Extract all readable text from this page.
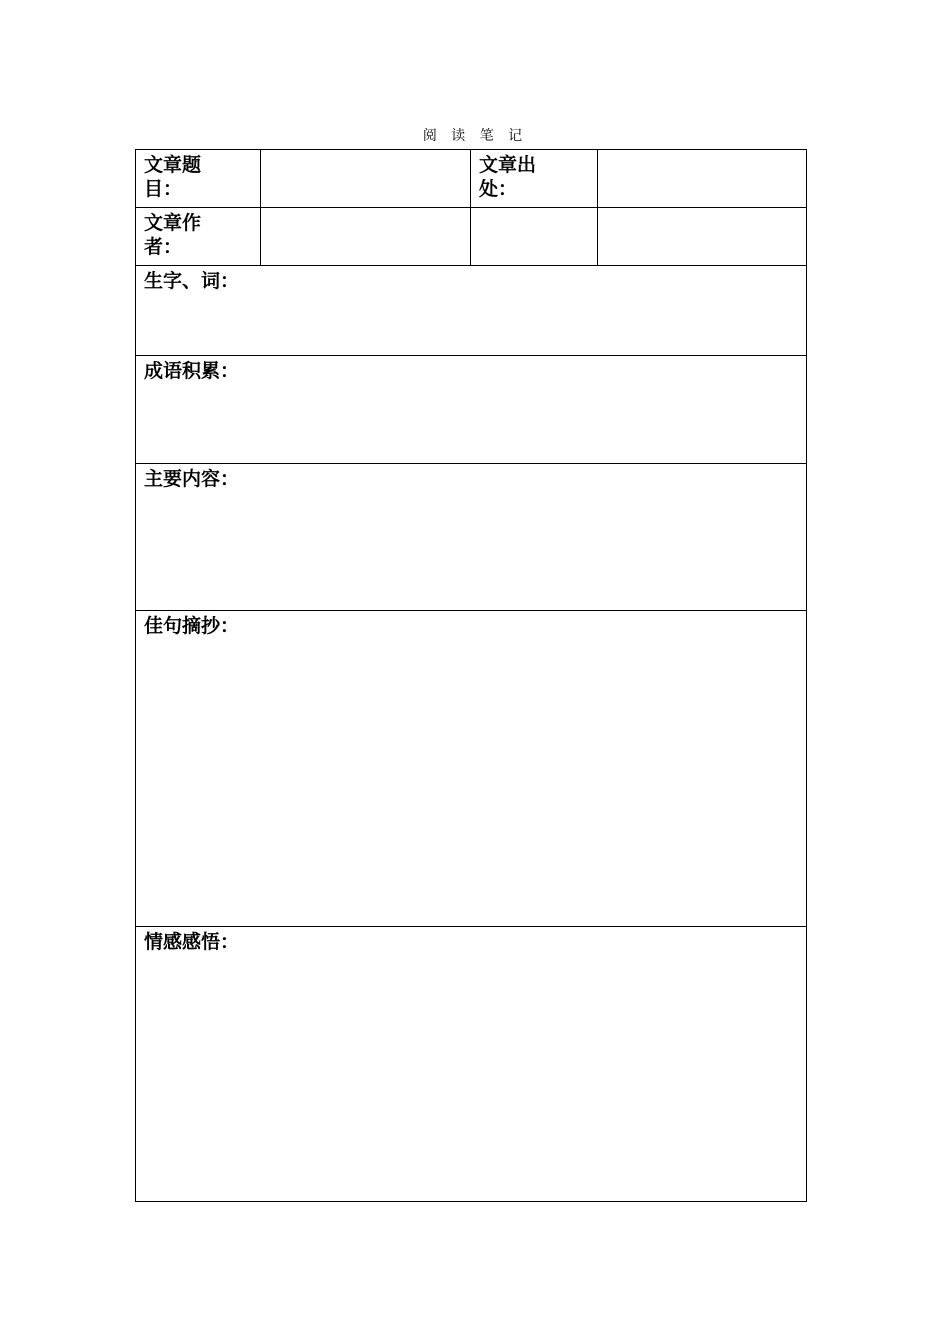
阅 读 笔 记
文章题目：		文章出处：	

文章作者：			

生字、词：			

成语积累：			

主要内容：			

佳句摘抄：			

情感感悟：			
